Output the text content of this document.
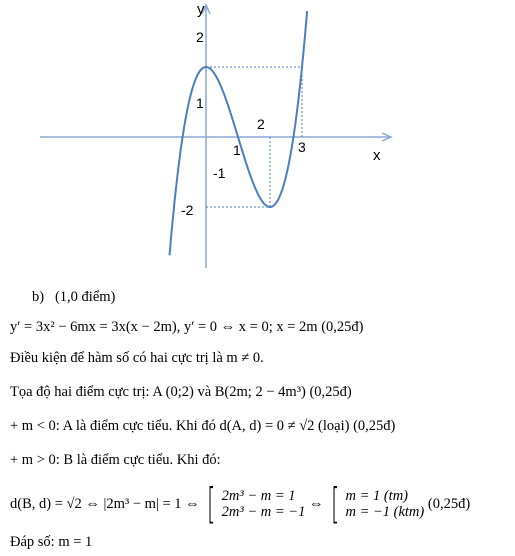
2
1
-1
-2
1
2
3
y
x
b) (1,0 điểm)
y′ = 3x² − 6mx = 3x(x − 2m), y′ = 0 ⇔ x = 0; x = 2m (0,25đ)
Điều kiện để hàm số có hai cực trị là m ≠ 0.
Tọa độ hai điểm cực trị: A (0;2) và B(2m; 2 − 4m³) (0,25đ)
+ m < 0: A là điểm cực tiểu. Khi đó d(A, d) = 0 ≠ √2 (loại) (0,25đ)
+ m > 0: B là điểm cực tiểu. Khi đó:
d(B, d) = √2 ⇔ |2m³ − m| = 1 ⇔
[ 2m³ − m = 1
2m³ − m = −1
⇔
[ m = 1 (tm)
m = −1 (ktm)
(0,25đ)
Đáp số: m = 1
